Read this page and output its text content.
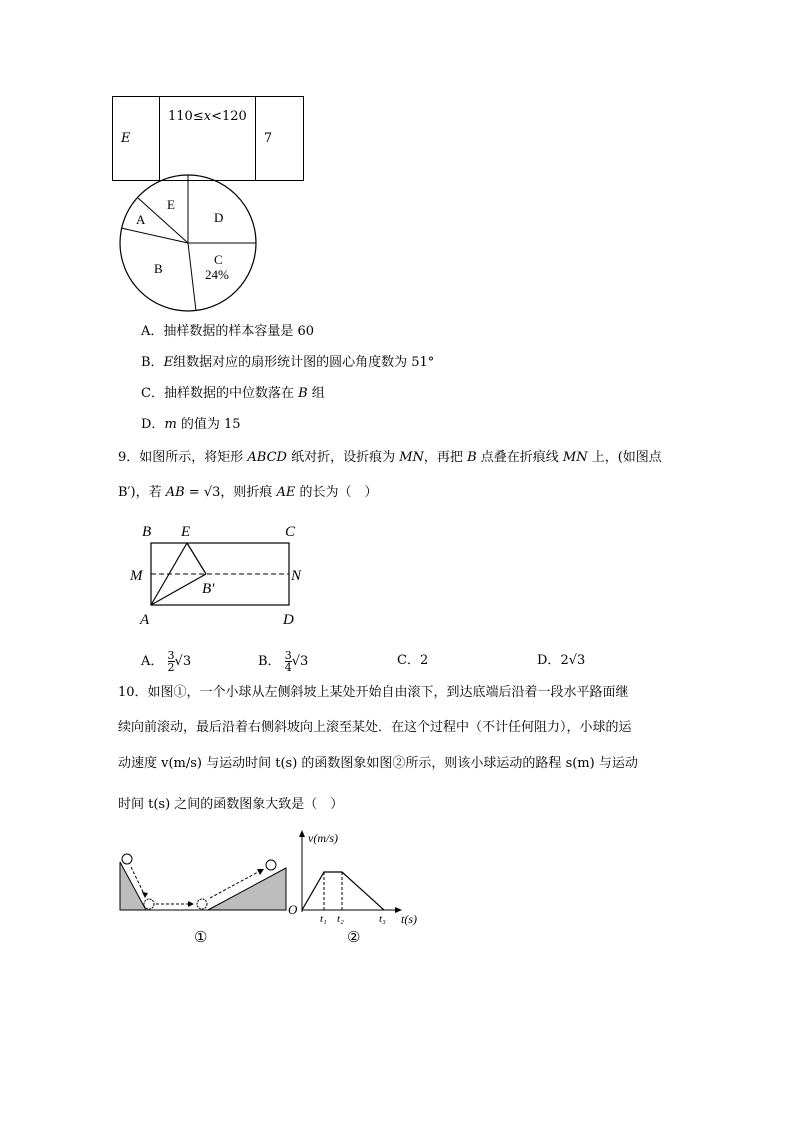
E	110≤x<120	7
E
A	D
B
C
24%
A．抽样数据的样本容量是 60
B．E组数据对应的扇形统计图的圆心角度数为 51°
C．抽样数据的中位数落在 B 组
D．m 的值为 15
9．如图所示，将矩形 ABCD 纸对折，设折痕为 MN，再把 B 点叠在折痕线 MN 上，(如图点
B′)，若 AB = √3，则折痕 AE 的长为（　）
B E	C
M	N
B′
A	D
A． $\frac{3}{2} √3$	B． $\frac{3}{4} √3$	C．2	D．2√3
10．如图①，一个小球从左侧斜坡上某处开始自由滚下，到达底端后沿着一段水平路面继
续向前滚动，最后沿着右侧斜坡向上滚至某处．在这个过程中（不计任何阻力），小球的运
动速度 v(m/s) 与运动时间 t(s) 的函数图象如图②所示，则该小球运动的路程 s(m) 与运动
时间 t(s) 之间的函数图象大致是（　）
①
v(m/s)
O
t₁ t₂	t₃ t(s)
②
